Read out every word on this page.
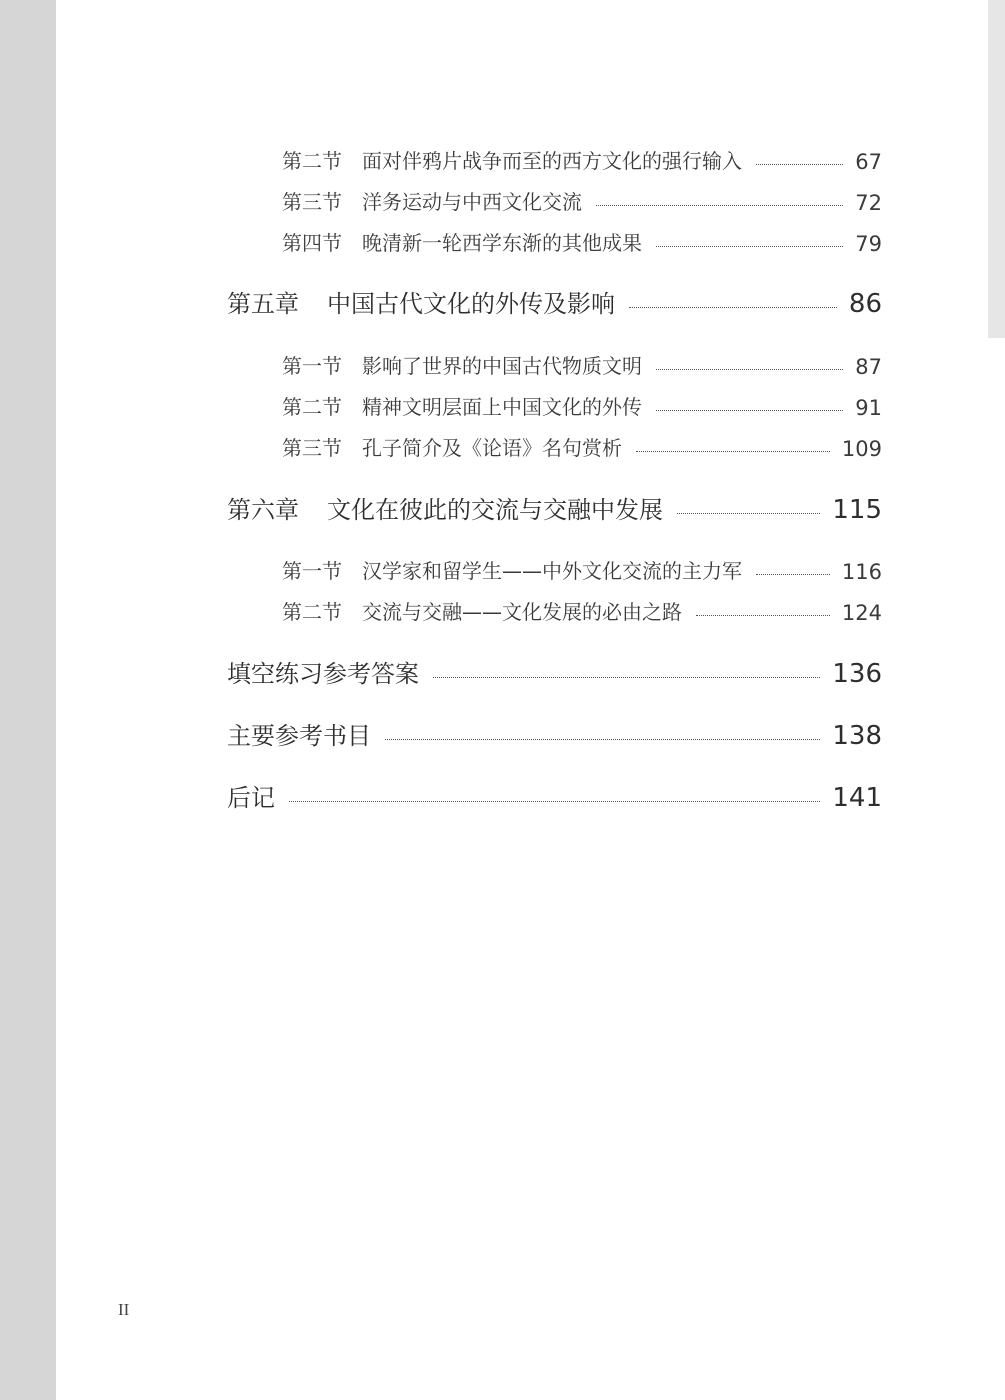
第二节 面对伴鸦片战争而至的西方文化的强行输入	67
第三节 洋务运动与中西文化交流	72
第四节 晚清新一轮西学东渐的其他成果	79
第五章 中国古代文化的外传及影响	86
第一节 影响了世界的中国古代物质文明	87
第二节 精神文明层面上中国文化的外传	91
第三节 孔子简介及《论语》名句赏析	109
第六章 文化在彼此的交流与交融中发展	115
第一节 汉学家和留学生——中外文化交流的主力军	116
第二节 交流与交融——文化发展的必由之路	124
填空练习参考答案	136
主要参考书目	138
后记	141
II
